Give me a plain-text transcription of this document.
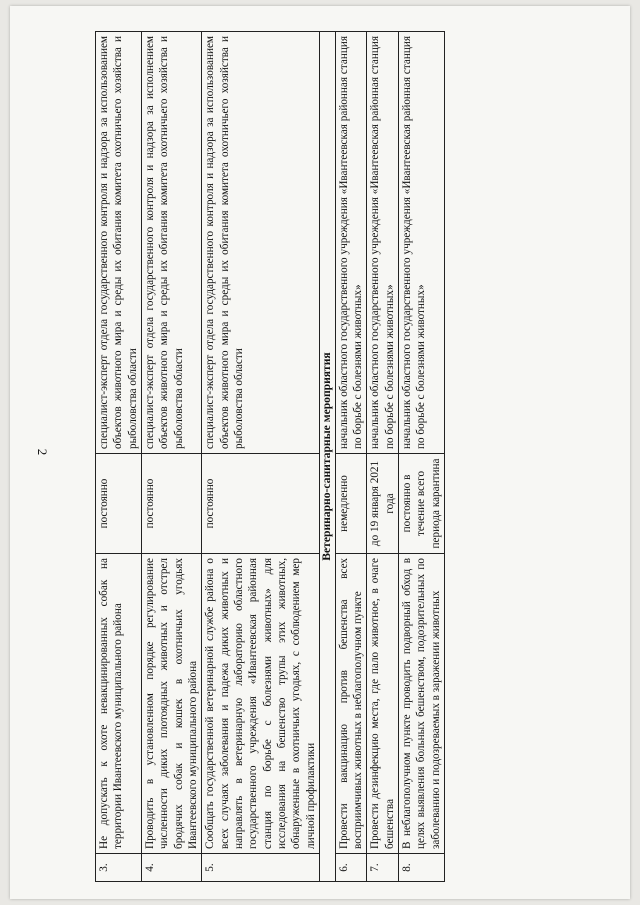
2
3.	Не допускать к охоте невакцинированных собак на территории Ивантеевского муниципального района	постоянно	специалист-эксперт отдела государственного контроля и надзора за использованием объектов животного мира и среды их обитания комитета охотничьего хозяйства и рыболовства области
4.	Проводить в установленном порядке регулирование численности диких плотоядных животных и отстрел бродячих собак и кошек в охотничьих угодьях Ивантеевского муниципального района	постоянно	специалист-эксперт отдела государственного контроля и надзора за исполнением объектов животного мира и среды их обитания комитета охотничьего хозяйства и рыболовства области
5.	Сообщать государственной ветеринарной службе района о всех случаях заболевания и падежа диких животных и направлять в ветеринарную лабораторию областного государственного учреждения «Ивантеевская районная станция по борьбе с болезнями животных» для исследования на бешенство трупы этих животных, обнаруженные в охотничьих угодьях, с соблюдением мер личной профилактики	постоянно	специалист-эксперт отдела государственного контроля и надзора за использованием объектов животного мира и среды их обитания комитета охотничьего хозяйства и рыболовства области
Ветеринарно-санитарные мероприятия			
6.	Провести вакцинацию против бешенства всех восприимчивых животных в неблагополучном пункте	немедленно	начальник областного государственного учреждения «Ивантеевская районная станция по борьбе с болезнями животных»
7.	Провести дезинфекцию места, где пало животное, в очаге бешенства	до 19 января 2021 года	начальник областного государственного учреждения «Ивантеевская районная станция по борьбе с болезнями животных»
8.	В неблагополучном пункте проводить подворный обход в целях выявления больных бешенством, подозрительных по заболеванию и подозреваемых в заражении животных	постоянно в течение всего периода карантина	начальник областного государственного учреждения «Ивантеевская районная станция по борьбе с болезнями животных»
